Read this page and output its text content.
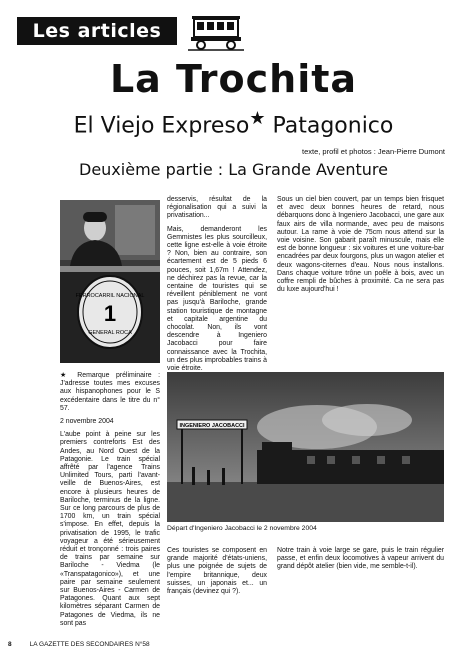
Les articles
La Trochita
El Viejo Expreso★ Patagonico
texte, profil et photos : Jean-Pierre Dumont
Deuxième partie : La Grande Aventure
FERROCARRIL NACIONAL
1
GENERAL ROCA
INGENIERO JACOBACCI
Départ d'Ingeniero Jacobacci le 2 novembre 2004

★ Remarque préliminaire : J'adresse toutes mes excuses aux hispanophones pour le S excédentaire dans le titre du n° 57.

2 novembre 2004

L'aube point à peine sur les premiers contreforts Est des Andes, au Nord Ouest de la Patagonie. Le train spécial affrêté par l'agence Trains Unlimited Tours, parti l'avant-veille de Buenos-Aires, est encore à plusieurs heures de Bariloche, terminus de la ligne. Sur ce long parcours de plus de 1700 km, un train spécial s'impose. En effet, depuis la privatisation de 1995, le trafic voyageur a été sérieusement réduit et tronçonné : trois paires de trains par semaine sur Bariloche - Viedma (le «Transpatagonico»), et une paire par semaine seulement sur Buenos-Aires - Carmen de Patagones. Quant aux sept kilomètres séparant Carmen de Patagones de Viedma, ils ne sont pas

desservis, résultat de la régionalisation qui a suivi la privatisation...

Mais, demanderont les Gemmistes les plus sourcilleux, cette ligne est-elle à voie étroite ? Non, bien au contraire, son écartement est de 5 pieds 6 pouces, soit 1,67m ! Attendez, ne déchirez pas la revue, car la centaine de touristes qui se réveillent péniblement ne vont pas jusqu'à Bariloche, grande station touristique de montagne et capitale argentine du chocolat. Non, ils vont descendre à Ingeniero Jacobacci pour faire connaissance avec la Trochita, un des plus improbables trains à voie étroite.

Sous un ciel bien couvert, par un temps bien frisquet et avec deux bonnes heures de retard, nous débarquons donc à Ingeniero Jacobacci, une gare aux faux airs de villa normande, avec peu de maisons autour. La rame à voie de 75cm nous attend sur la voie voisine. Son gabarit paraît minuscule, mais elle est de bonne longueur : six voitures et une voiture-bar encadrées par deux fourgons, plus un wagon atelier et deux wagons-citernes d'eau. Nous nous installons. Dans chaque voiture trône un poêle à bois, avec un coffre rempli de bûches à proximité. Ca ne sera pas du luxe aujourd'hui !

Ces touristes se composent en grande majorité d'états-uniens, plus une poignée de sujets de l'empire britannique, deux suisses, un japonais et... un français (devinez qui ?).

Notre train à voie large se gare, puis le train régulier passe, et enfin deux locomotives à vapeur arrivent du grand dépôt atelier (bien vide, me semble-t-il).

8	LA GAZETTE DES SECONDAIRES N°58
